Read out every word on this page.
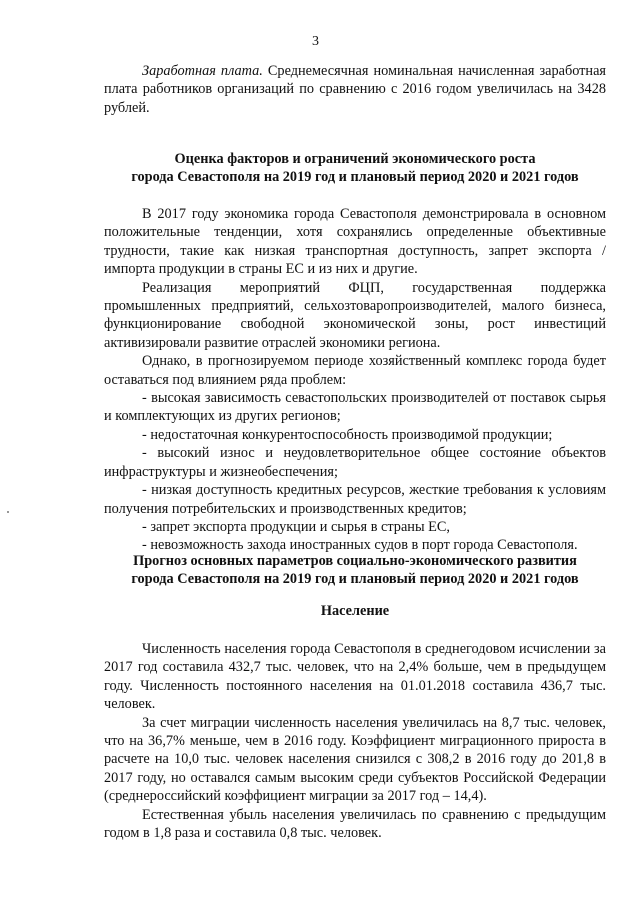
3

Заработная плата. Среднемесячная номинальная начисленная заработная плата работников организаций по сравнению с 2016 годом увеличилась на 3428 рублей.

Оценка факторов и ограничений экономического роста
города Севастополя на 2019 год и плановый период 2020 и 2021 годов

В 2017 году экономика города Севастополя демонстрировала в основном положительные тенденции, хотя сохранялись определенные объективные трудности, такие как низкая транспортная доступность, запрет экспорта / импорта продукции в страны ЕС и из них и другие.

Реализация мероприятий ФЦП, государственная поддержка промышленных предприятий, сельхозтоваропроизводителей, малого бизнеса, функционирование свободной экономической зоны, рост инвестиций активизировали развитие отраслей экономики региона.

Однако, в прогнозируемом периоде хозяйственный комплекс города будет оставаться под влиянием ряда проблем:

- высокая зависимость севастопольских производителей от поставок сырья и комплектующих из других регионов;

- недостаточная конкурентоспособность производимой продукции;

- высокий износ и неудовлетворительное общее состояние объектов инфраструктуры и жизнеобеспечения;

- низкая доступность кредитных ресурсов, жесткие требования к условиям получения потребительских и производственных кредитов;

- запрет экспорта продукции и сырья в страны ЕС,

- невозможность захода иностранных судов в порт города Севастополя.

Прогноз основных параметров социально-экономического развития
города Севастополя на 2019 год и плановый период 2020 и 2021 годов
Население

Численность населения города Севастополя в среднегодовом исчислении за 2017 год составила 432,7 тыс. человек, что на 2,4% больше, чем в предыдущем году. Численность постоянного населения на 01.01.2018 составила 436,7 тыс. человек.

За счет миграции численность населения увеличилась на 8,7 тыс. человек, что на 36,7% меньше, чем в 2016 году. Коэффициент миграционного прироста в расчете на 10,0 тыс. человек населения снизился с 308,2 в 2016 году до 201,8 в 2017 году, но оставался самым высоким среди субъектов Российской Федерации (среднероссийский коэффициент миграции за 2017 год – 14,4).

Естественная убыль населения увеличилась по сравнению с предыдущим годом в 1,8 раза и составила 0,8 тыс. человек.
